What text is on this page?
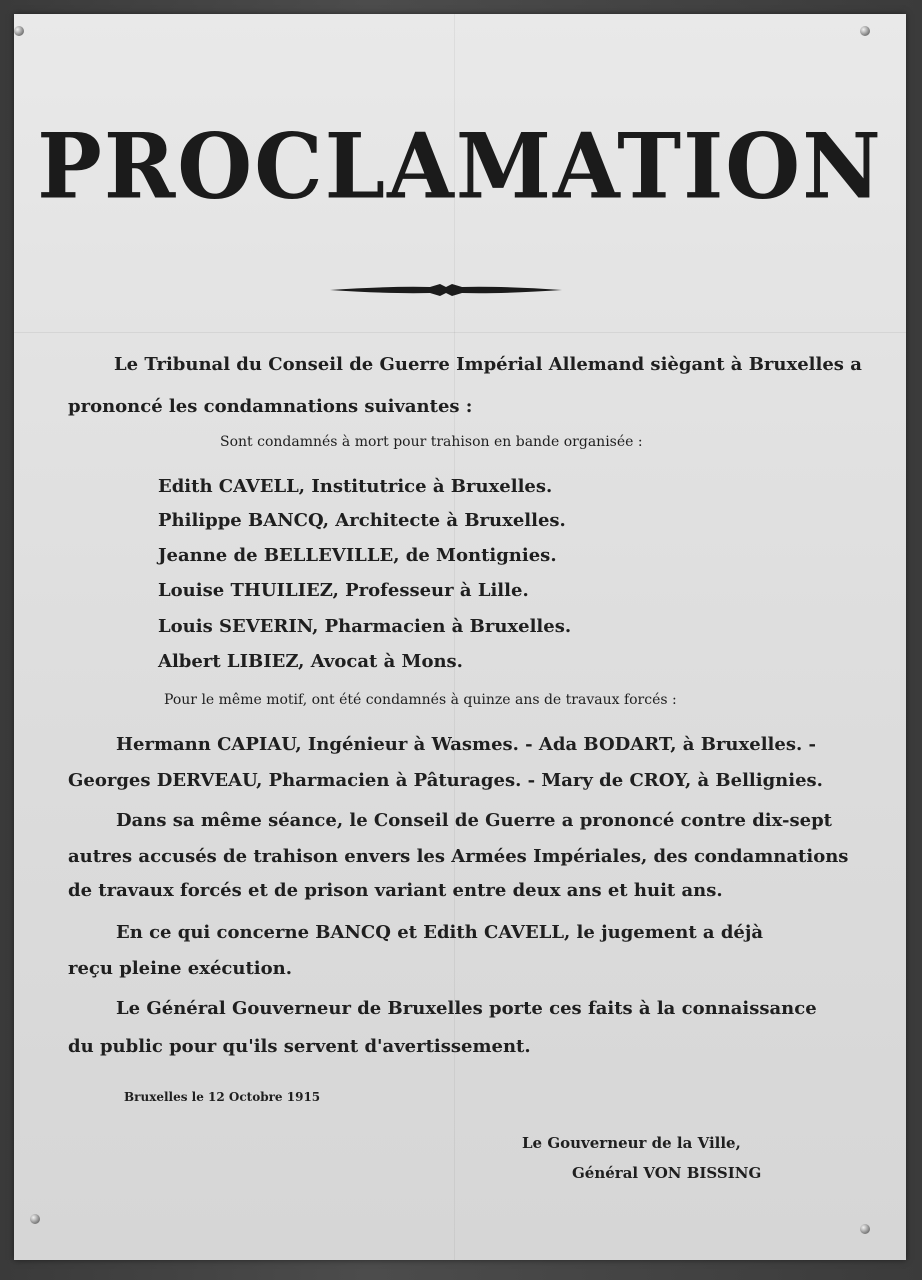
PROCLAMATION
Le Tribunal du Conseil de Guerre Impérial Allemand siègant à Bruxelles a
prononcé les condamnations suivantes :
Sont condamnés à mort pour trahison en bande organisée :
Edith CAVELL, Institutrice à Bruxelles.
Philippe BANCQ, Architecte à Bruxelles.
Jeanne de BELLEVILLE, de Montignies.
Louise THUILIEZ, Professeur à Lille.
Louis SEVERIN, Pharmacien à Bruxelles.
Albert LIBIEZ, Avocat à Mons.
Pour le même motif, ont été condamnés à quinze ans de travaux forcés :
Hermann CAPIAU, Ingénieur à Wasmes. - Ada BODART, à Bruxelles. -
Georges DERVEAU, Pharmacien à Pâturages. - Mary de CROY, à Bellignies.
Dans sa même séance, le Conseil de Guerre a prononcé contre dix-sept
autres accusés de trahison envers les Armées Impériales, des condamnations
de travaux forcés et de prison variant entre deux ans et huit ans.
En ce qui concerne BANCQ et Edith CAVELL, le jugement a déjà
reçu pleine exécution.
Le Général Gouverneur de Bruxelles porte ces faits à la connaissance
du public pour qu'ils servent d'avertissement.
Bruxelles le 12 Octobre 1915
Le Gouverneur de la Ville,
Général VON BISSING
